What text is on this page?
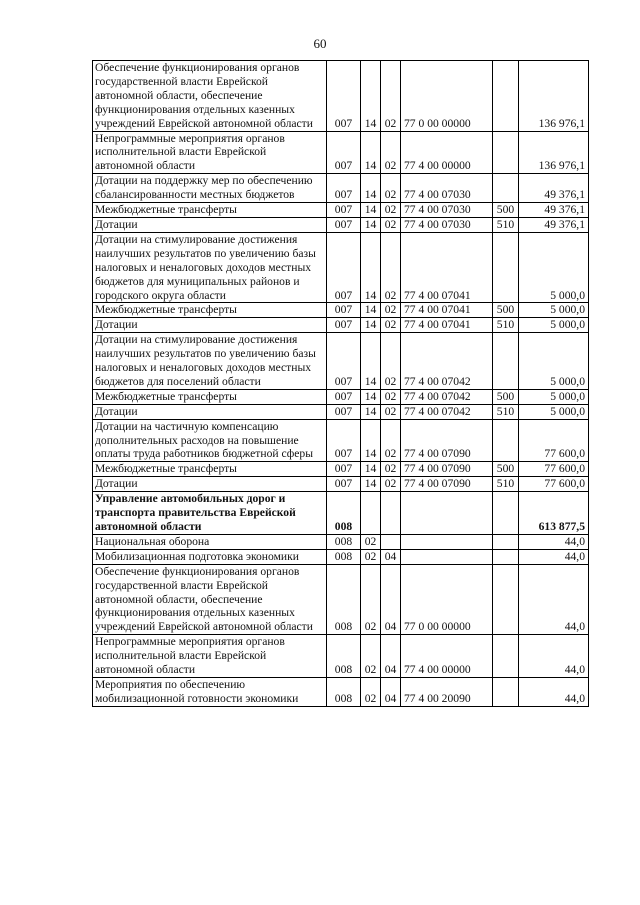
60
Обеспечение функционирования органов государственной власти Еврейской автономной области, обеспечение функционирования отдельных казенных учреждений Еврейской автономной области	007	14	02	77 0 00 00000		136 976,1
Непрограммные мероприятия органов исполнительной власти Еврейской автономной области	007	14	02	77 4 00 00000		136 976,1
Дотации на поддержку мер по обеспечению сбалансированности местных бюджетов	007	14	02	77 4 00 07030		49 376,1
Межбюджетные трансферты	007	14	02	77 4 00 07030	500	49 376,1
Дотации	007	14	02	77 4 00 07030	510	49 376,1
Дотации на стимулирование достижения наилучших результатов по увеличению базы налоговых и неналоговых доходов местных бюджетов для муниципальных районов и городского округа области	007	14	02	77 4 00 07041		5 000,0
Межбюджетные трансферты	007	14	02	77 4 00 07041	500	5 000,0
Дотации	007	14	02	77 4 00 07041	510	5 000,0
Дотации на стимулирование достижения наилучших результатов по увеличению базы налоговых и неналоговых доходов местных бюджетов для поселений области	007	14	02	77 4 00 07042		5 000,0
Межбюджетные трансферты	007	14	02	77 4 00 07042	500	5 000,0
Дотации	007	14	02	77 4 00 07042	510	5 000,0
Дотации на частичную компенсацию дополнительных расходов на повышение оплаты труда работников бюджетной сферы	007	14	02	77 4 00 07090		77 600,0
Межбюджетные трансферты	007	14	02	77 4 00 07090	500	77 600,0
Дотации	007	14	02	77 4 00 07090	510	77 600,0
Управление автомобильных дорог и транспорта правительства Еврейской автономной области	008					613 877,5
Национальная оборона	008	02				44,0
Мобилизационная подготовка экономики	008	02	04			44,0
Обеспечение функционирования органов государственной власти Еврейской автономной области, обеспечение функционирования отдельных казенных учреждений Еврейской автономной области	008	02	04	77 0 00 00000		44,0
Непрограммные мероприятия органов исполнительной власти Еврейской автономной области	008	02	04	77 4 00 00000		44,0
Мероприятия по обеспечению мобилизационной готовности экономики	008	02	04	77 4 00 20090		44,0
